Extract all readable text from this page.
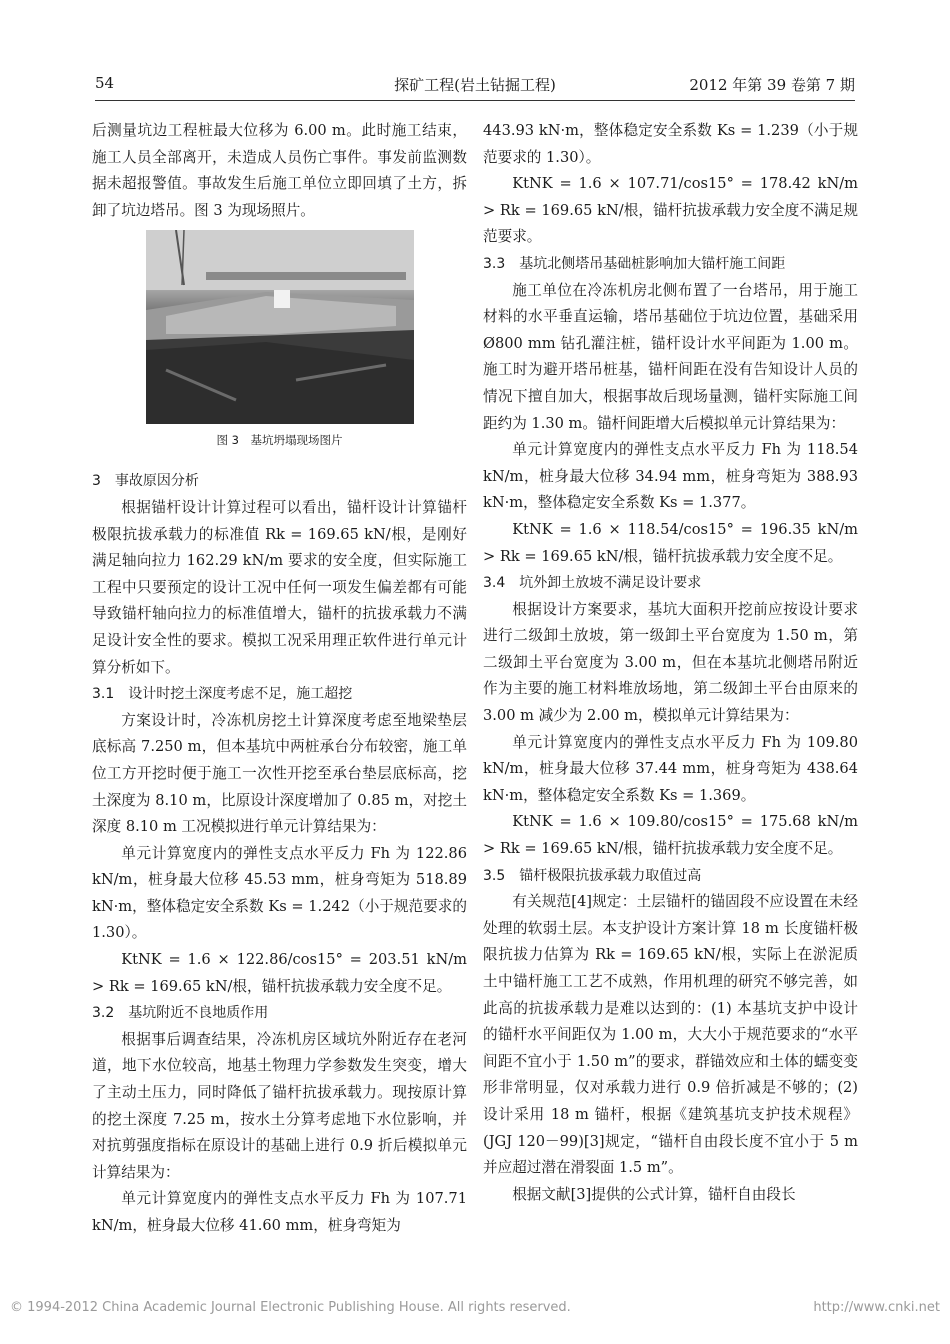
54	探矿工程(岩土钻掘工程)	2012 年第 39 卷第 7 期

后测量坑边工程桩最大位移为 6.00 m。此时施工结束，施工人员全部离开，未造成人员伤亡事件。事发前监测数据未超报警值。事故发生后施工单位立即回填了土方，拆卸了坑边塔吊。图 3 为现场照片。

图 3　基坑坍塌现场图片

3　事故原因分析

根据锚杆设计计算过程可以看出，锚杆设计计算锚杆极限抗拔承载力的标准值 Rk = 169.65 kN/根，是刚好满足轴向拉力 162.29 kN/m 要求的安全度，但实际施工工程中只要预定的设计工况中任何一项发生偏差都有可能导致锚杆轴向拉力的标准值增大，锚杆的抗拔承载力不满足设计安全性的要求。模拟工况采用理正软件进行单元计算分析如下。

3.1　设计时挖土深度考虑不足，施工超挖

方案设计时，冷冻机房挖土计算深度考虑至地梁垫层底标高 7.250 m，但本基坑中两桩承台分布较密，施工单位工方开挖时便于施工一次性开挖至承台垫层底标高，挖土深度为 8.10 m，比原设计深度增加了 0.85 m，对挖土深度 8.10 m 工况模拟进行单元计算结果为：

单元计算宽度内的弹性支点水平反力 Fh 为 122.86 kN/m，桩身最大位移 45.53 mm，桩身弯矩为 518.89 kN·m，整体稳定安全系数 Ks = 1.242（小于规范要求的 1.30）。

KtNK = 1.6 × 122.86/cos15° = 203.51 kN/m > Rk = 169.65 kN/根，锚杆抗拔承载力安全度不足。

3.2　基坑附近不良地质作用

根据事后调查结果，冷冻机房区域坑外附近存在老河道，地下水位较高，地基土物理力学参数发生突变，增大了主动土压力，同时降低了锚杆抗拔承载力。现按原计算的挖土深度 7.25 m，按水土分算考虑地下水位影响，并对抗剪强度指标在原设计的基础上进行 0.9 折后模拟单元计算结果为：

单元计算宽度内的弹性支点水平反力 Fh 为 107.71 kN/m，桩身最大位移 41.60 mm，桩身弯矩为

443.93 kN·m，整体稳定安全系数 Ks = 1.239（小于规范要求的 1.30）。

KtNK = 1.6 × 107.71/cos15° = 178.42 kN/m > Rk = 169.65 kN/根，锚杆抗拔承载力安全度不满足规范要求。

3.3　基坑北侧塔吊基础桩影响加大锚杆施工间距

施工单位在冷冻机房北侧布置了一台塔吊，用于施工材料的水平垂直运输，塔吊基础位于坑边位置，基础采用 Ø800 mm 钻孔灌注桩，锚杆设计水平间距为 1.00 m。施工时为避开塔吊桩基，锚杆间距在没有告知设计人员的情况下擅自加大，根据事故后现场量测，锚杆实际施工间距约为 1.30 m。锚杆间距增大后模拟单元计算结果为：

单元计算宽度内的弹性支点水平反力 Fh 为 118.54 kN/m，桩身最大位移 34.94 mm，桩身弯矩为 388.93 kN·m，整体稳定安全系数 Ks = 1.377。

KtNK = 1.6 × 118.54/cos15° = 196.35 kN/m > Rk = 169.65 kN/根，锚杆抗拔承载力安全度不足。

3.4　坑外卸土放坡不满足设计要求

根据设计方案要求，基坑大面积开挖前应按设计要求进行二级卸土放坡，第一级卸土平台宽度为 1.50 m，第二级卸土平台宽度为 3.00 m，但在本基坑北侧塔吊附近作为主要的施工材料堆放场地，第二级卸土平台由原来的 3.00 m 减少为 2.00 m，模拟单元计算结果为：

单元计算宽度内的弹性支点水平反力 Fh 为 109.80 kN/m，桩身最大位移 37.44 mm，桩身弯矩为 438.64 kN·m，整体稳定安全系数 Ks = 1.369。

KtNK = 1.6 × 109.80/cos15° = 175.68 kN/m > Rk = 169.65 kN/根，锚杆抗拔承载力安全度不足。

3.5　锚杆极限抗拔承载力取值过高

有关规范[4]规定：土层锚杆的锚固段不应设置在未经处理的软弱土层。本支护设计方案计算 18 m 长度锚杆极限抗拔力估算为 Rk = 169.65 kN/根，实际上在淤泥质土中锚杆施工工艺不成熟，作用机理的研究不够完善，如此高的抗拔承载力是难以达到的：(1) 本基坑支护中设计的锚杆水平间距仅为 1.00 m，大大小于规范要求的“水平间距不宜小于 1.50 m”的要求，群锚效应和土体的蠕变变形非常明显，仅对承载力进行 0.9 倍折减是不够的；(2) 设计采用 18 m 锚杆，根据《建筑基坑支护技术规程》(JGJ 120－99)[3]规定，“锚杆自由段长度不宜小于 5 m 并应超过潜在滑裂面 1.5 m”。

根据文献[3]提供的公式计算，锚杆自由段长

© 1994-2012 China Academic Journal Electronic Publishing House. All rights reserved.	http://www.cnki.net
